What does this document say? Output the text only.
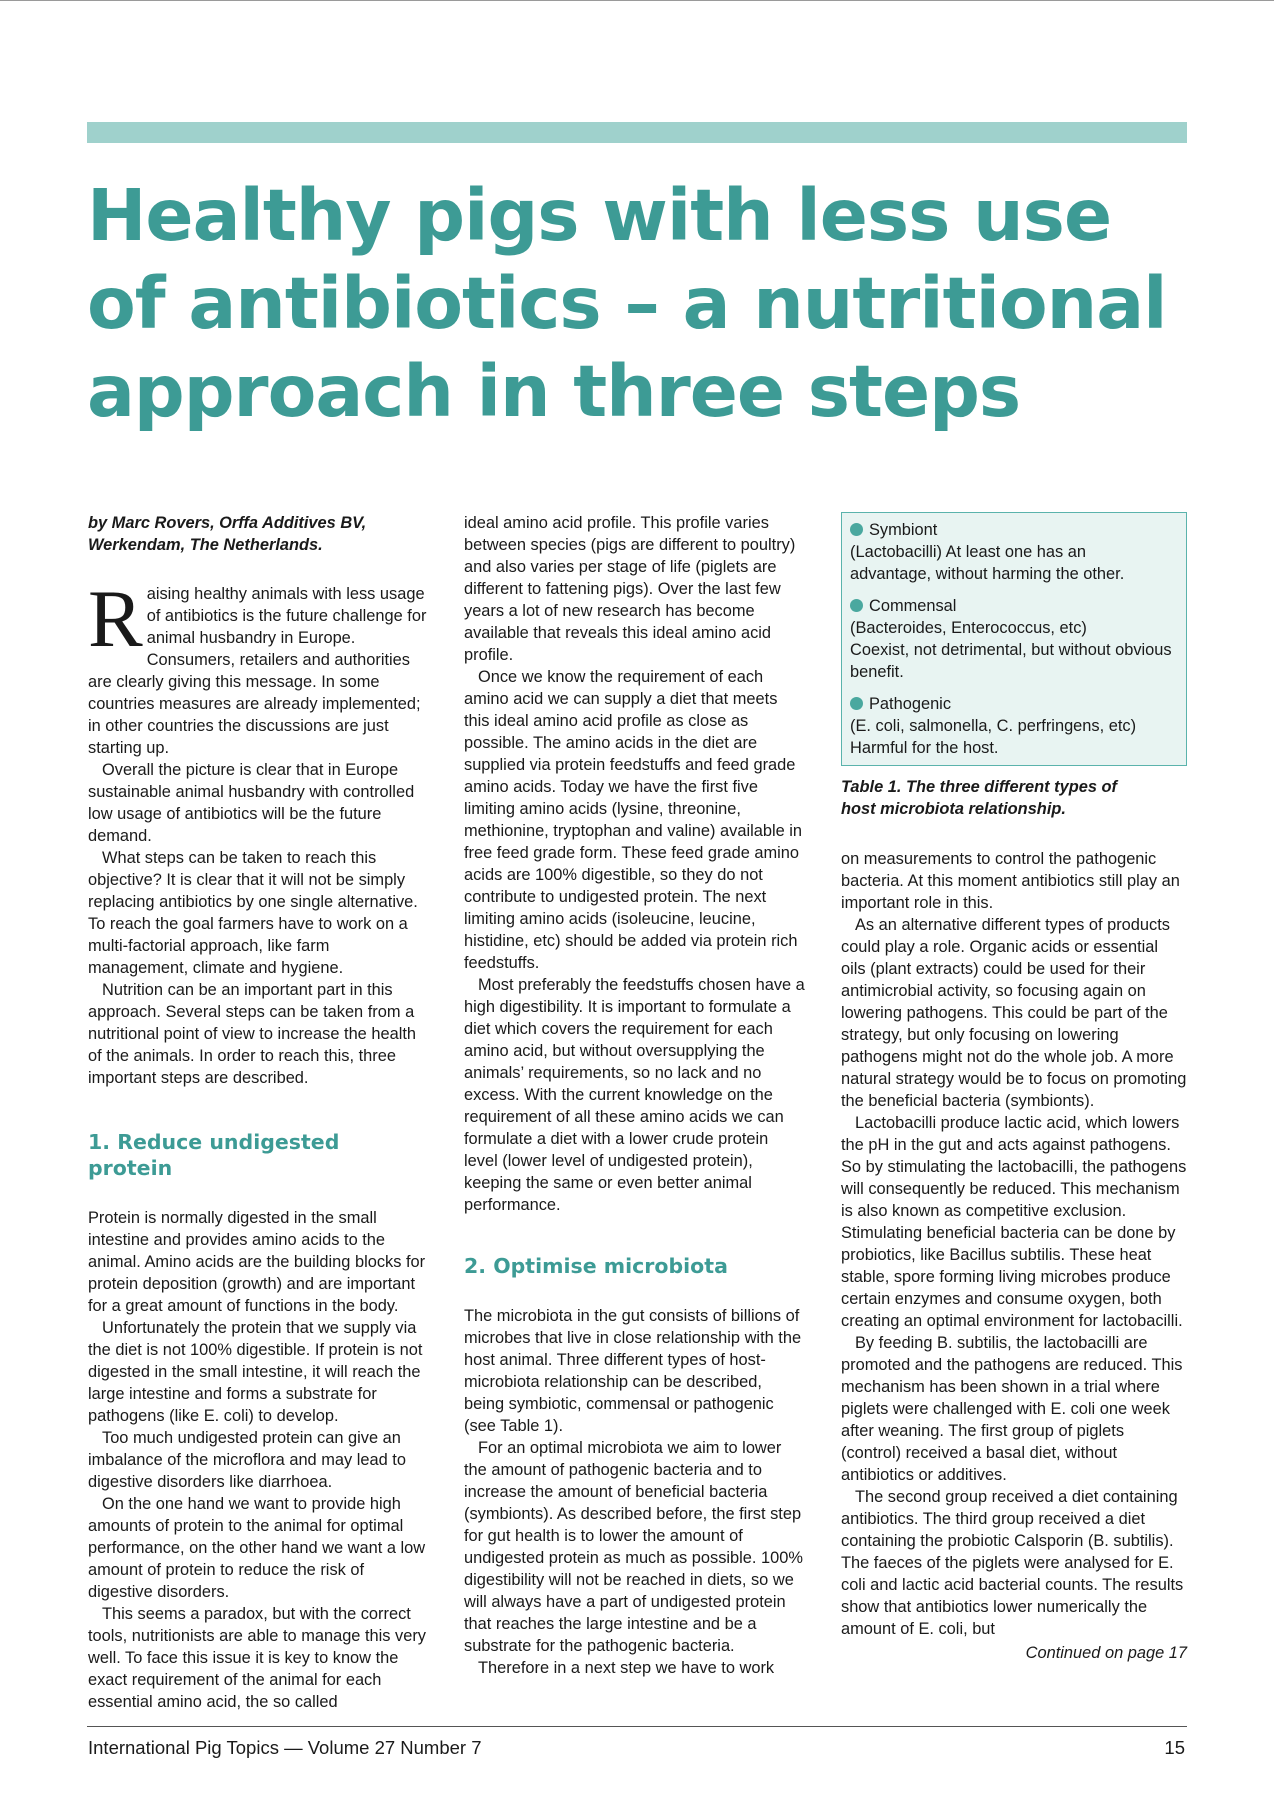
Healthy pigs with less use of antibiotics – a nutritional approach in three steps
by Marc Rovers, Orffa Additives BV,
Werkendam, The Netherlands.

Raising healthy animals with less usage of antibiotics is the future challenge for animal husbandry in Europe. Consumers, retailers and authorities are clearly giving this message. In some countries measures are already implemented; in other countries the discussions are just starting up.

Overall the picture is clear that in Europe sustainable animal husbandry with controlled low usage of antibiotics will be the future demand.

What steps can be taken to reach this objective? It is clear that it will not be simply replacing antibiotics by one single alternative. To reach the goal farmers have to work on a multi-factorial approach, like farm management, climate and hygiene.

Nutrition can be an important part in this approach. Several steps can be taken from a nutritional point of view to increase the health of the animals. In order to reach this, three important steps are described.

1. Reduce undigested protein

Protein is normally digested in the small intestine and provides amino acids to the animal. Amino acids are the building blocks for protein deposition (growth) and are important for a great amount of functions in the body.

Unfortunately the protein that we supply via the diet is not 100% digestible. If protein is not digested in the small intestine, it will reach the large intestine and forms a substrate for pathogens (like E. coli) to develop.

Too much undigested protein can give an imbalance of the microflora and may lead to digestive disorders like diarrhoea.

On the one hand we want to provide high amounts of protein to the animal for optimal performance, on the other hand we want a low amount of protein to reduce the risk of digestive disorders.

This seems a paradox, but with the correct tools, nutritionists are able to manage this very well. To face this issue it is key to know the exact requirement of the animal for each essential amino acid, the so called

ideal amino acid profile. This profile varies between species (pigs are different to poultry) and also varies per stage of life (piglets are different to fattening pigs). Over the last few years a lot of new research has become available that reveals this ideal amino acid profile.

Once we know the requirement of each amino acid we can supply a diet that meets this ideal amino acid profile as close as possible. The amino acids in the diet are supplied via protein feedstuffs and feed grade amino acids. Today we have the first five limiting amino acids (lysine, threonine, methionine, tryptophan and valine) available in free feed grade form. These feed grade amino acids are 100% digestible, so they do not contribute to undigested protein. The next limiting amino acids (isoleucine, leucine, histidine, etc) should be added via protein rich feedstuffs.

Most preferably the feedstuffs chosen have a high digestibility. It is important to formulate a diet which covers the requirement for each amino acid, but without oversupplying the animals’ requirements, so no lack and no excess. With the current knowledge on the requirement of all these amino acids we can formulate a diet with a lower crude protein level (lower level of undigested protein), keeping the same or even better animal performance.

2. Optimise microbiota

The microbiota in the gut consists of billions of microbes that live in close relationship with the host animal. Three different types of host-microbiota relationship can be described, being symbiotic, commensal or pathogenic (see Table 1).

For an optimal microbiota we aim to lower the amount of pathogenic bacteria and to increase the amount of beneficial bacteria (symbionts). As described before, the first step for gut health is to lower the amount of undigested protein as much as possible. 100% digestibility will not be reached in diets, so we will always have a part of undigested protein that reaches the large intestine and be a substrate for the pathogenic bacteria.

Therefore in a next step we have to work

Symbiont
(Lactobacilli) At least one has an
advantage, without harming the other.
Commensal
(Bacteroides, Enterococcus, etc)
Coexist, not detrimental, but without obvious benefit.
Pathogenic
(E. coli, salmonella, C. perfringens, etc)
Harmful for the host.
Table 1. The three different types of
host microbiota relationship.

on measurements to control the pathogenic bacteria. At this moment antibiotics still play an important role in this.

As an alternative different types of products could play a role. Organic acids or essential oils (plant extracts) could be used for their antimicrobial activity, so focusing again on lowering pathogens. This could be part of the strategy, but only focusing on lowering pathogens might not do the whole job. A more natural strategy would be to focus on promoting the beneficial bacteria (symbionts).

Lactobacilli produce lactic acid, which lowers the pH in the gut and acts against pathogens. So by stimulating the lactobacilli, the pathogens will consequently be reduced. This mechanism is also known as competitive exclusion. Stimulating beneficial bacteria can be done by probiotics, like Bacillus subtilis. These heat stable, spore forming living microbes produce certain enzymes and consume oxygen, both creating an optimal environment for lactobacilli.

By feeding B. subtilis, the lactobacilli are promoted and the pathogens are reduced. This mechanism has been shown in a trial where piglets were challenged with E. coli one week after weaning. The first group of piglets (control) received a basal diet, without antibiotics or additives.

The second group received a diet containing antibiotics. The third group received a diet containing the probiotic Calsporin (B. subtilis). The faeces of the piglets were analysed for E. coli and lactic acid bacterial counts. The results show that antibiotics lower numerically the amount of E. coli, but

Continued on page 17
International Pig Topics — Volume 27 Number 7	15
